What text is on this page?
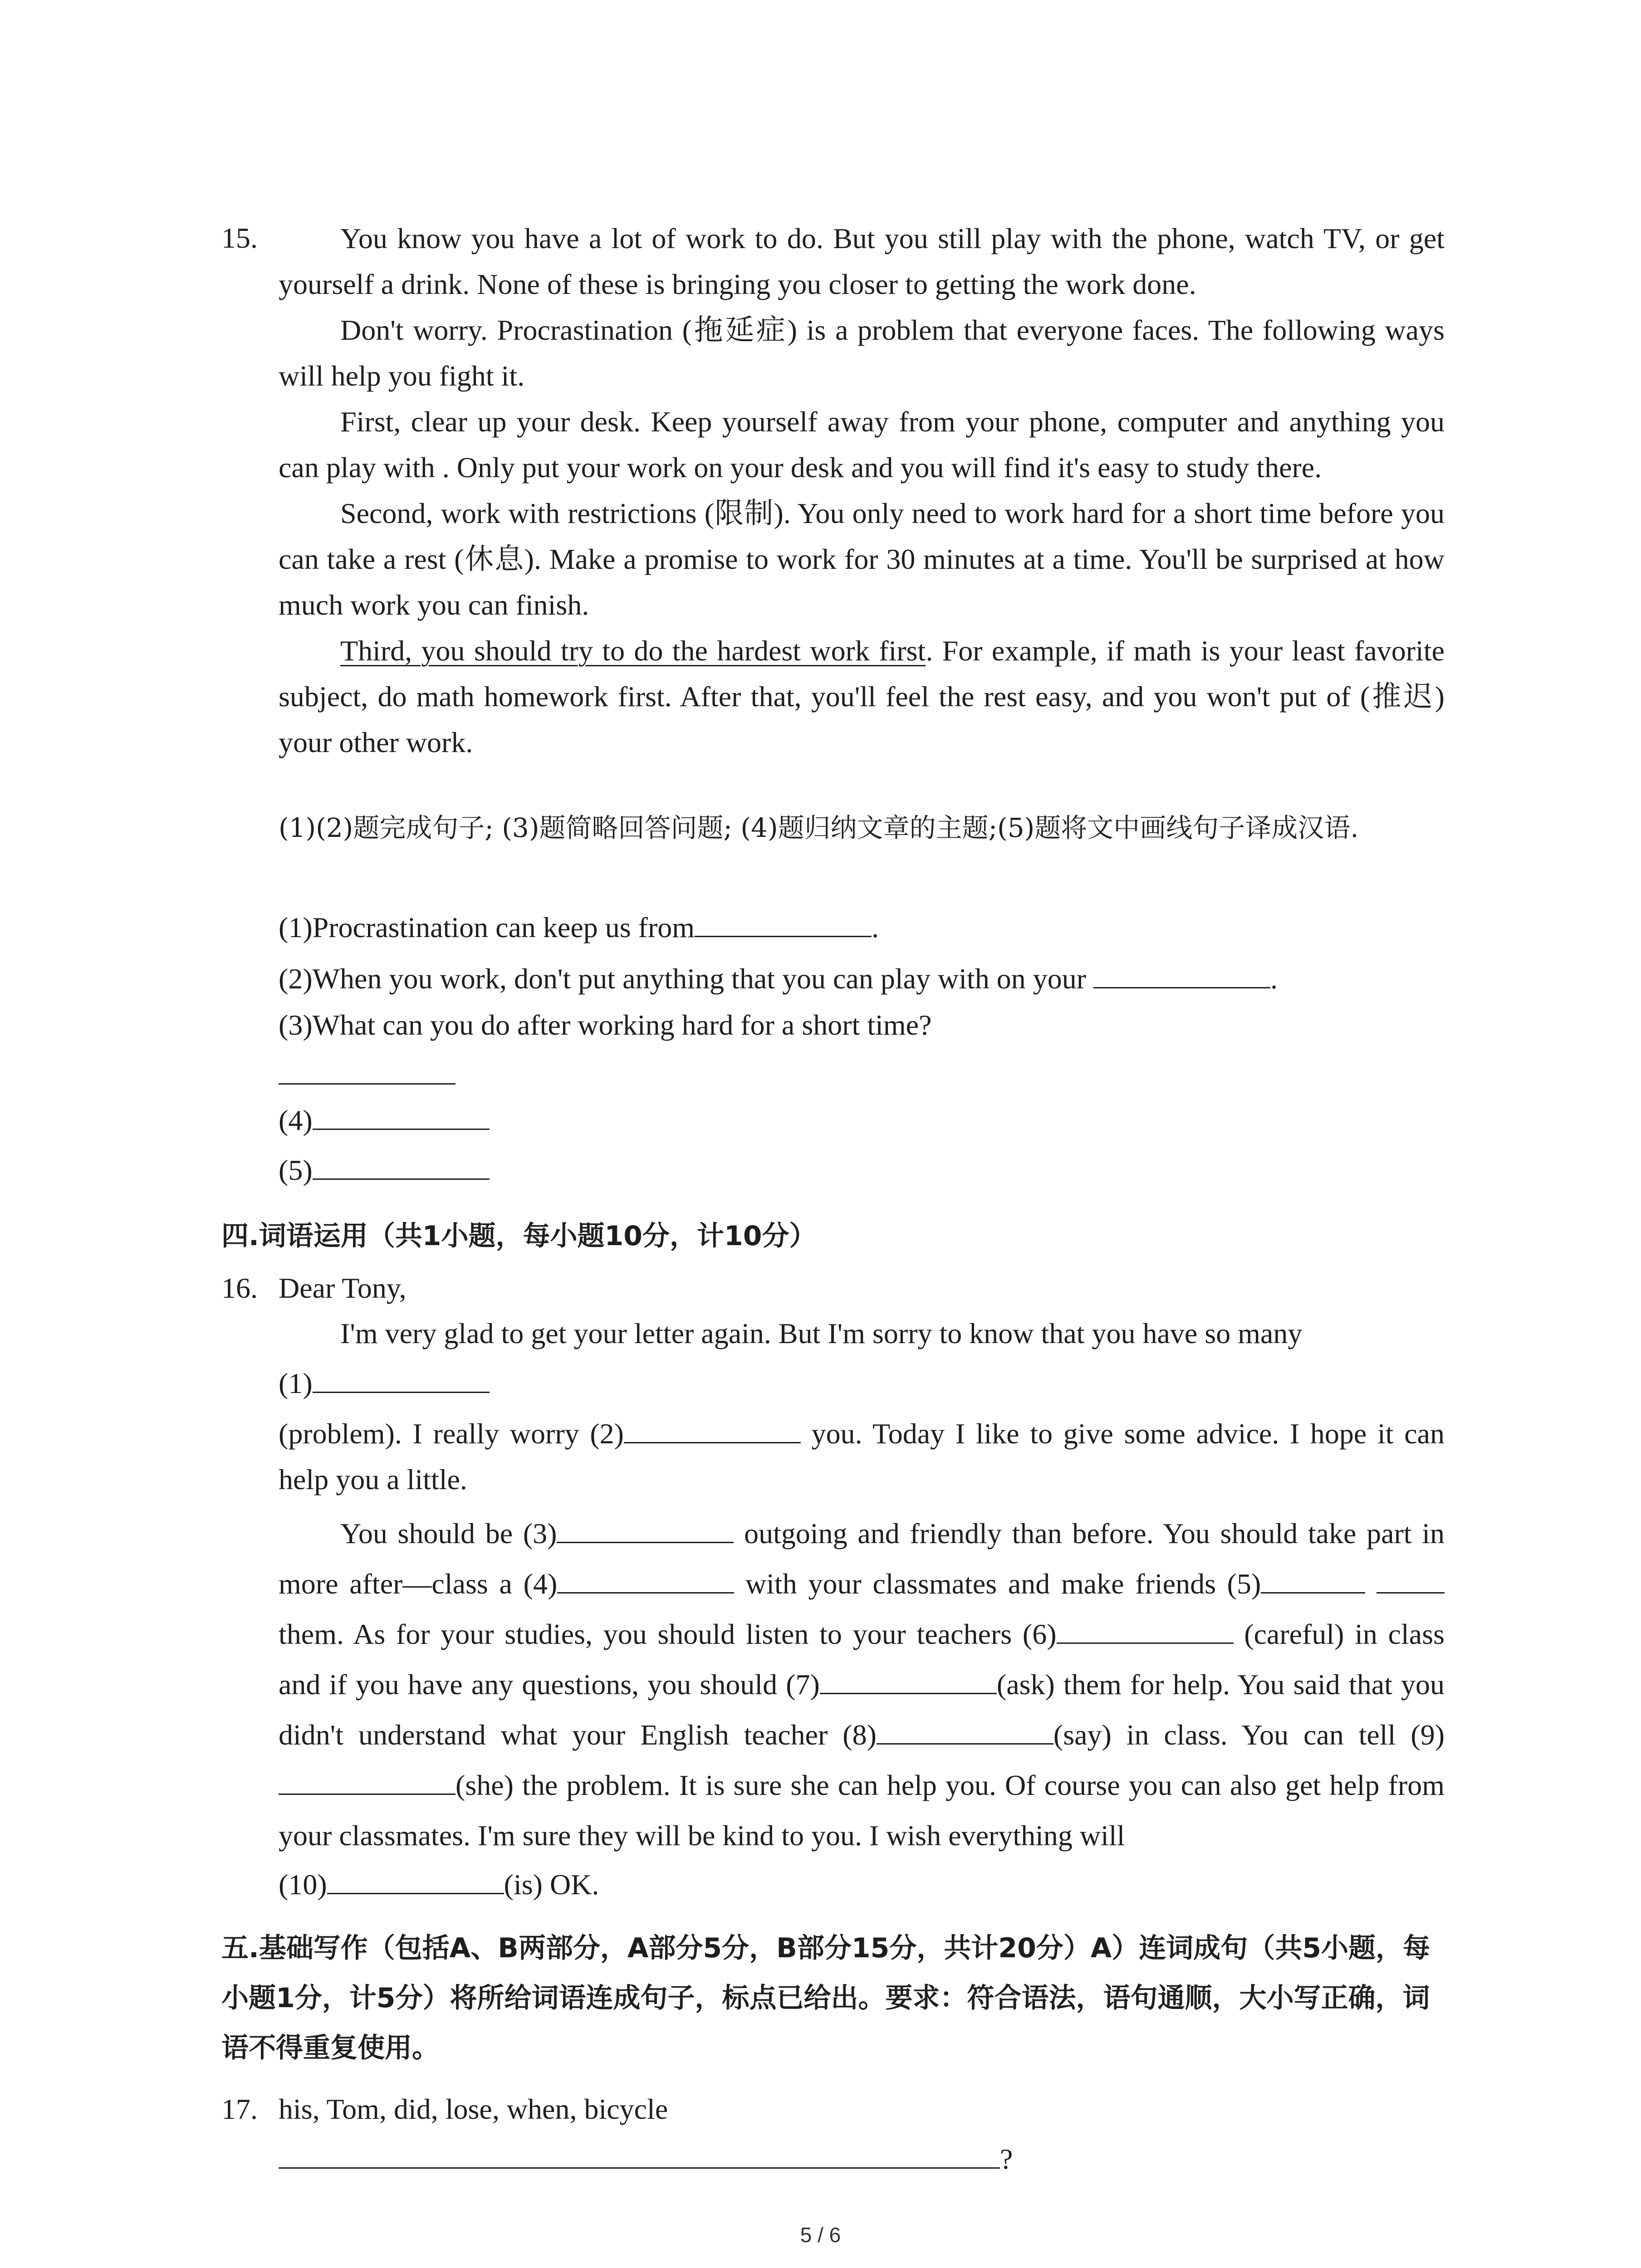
15.	You know you have a lot of work to do. But you still play with the phone, watch TV, or get yourself a drink. None of these is bringing you closer to getting the work done.
Don't worry. Procrastination (拖延症) is a problem that everyone faces. The following ways will help you fight it.
First, clear up your desk. Keep yourself away from your phone, computer and anything you can play with . Only put your work on your desk and you will find it's easy to study there.
Second, work with restrictions (限制). You only need to work hard for a short time before you can take a rest (休息). Make a promise to work for 30 minutes at a time. You'll be surprised at how much work you can finish.
Third, you should try to do the hardest work first. For example, if math is your least favorite subject, do math homework first. After that, you'll feel the rest easy, and you won't put of (推迟) your other work.
(1)(2)题完成句子; (3)题简略回答问题; (4)题归纳文章的主题;(5)题将文中画线句子译成汉语.
(1)Procrastination can keep us from	.
(2)When you work, don't put anything that you can play with on your	.
(3)What can you do after working hard for a short time?
(4)
(5)
四.词语运用（共1小题，每小题10分，计10分）
16. Dear Tony,
I'm very glad to get your letter again. But I'm sorry to know that you have so many
(1)
(problem). I really worry (2)	you. Today I like to give some advice. I hope it can help you a little.
You should be (3)	outgoing and friendly than before. You should take part in more after—class a (4)	with your classmates and make friends (5)  them. As for your studies, you should listen to your teachers (6)	(careful) in class and if you have any questions, you should (7)	(ask) them for help. You said that you didn't understand what your English teacher (8)	(say) in class. You can tell (9)(she) the problem. It is sure she can help you. Of course you can also get help from your classmates. I'm sure they will be kind to you. I wish everything will
(10)	(is) OK.
五.基础写作（包括A、B两部分，A部分5分，B部分15分，共计20分）A）连词成句（共5小题，每小题1分，计5分）将所给词语连成句子，标点已给出。要求：符合语法，语句通顺，大小写正确，词语不得重复使用。
17. his, Tom, did, lose, when, bicycle
?
5 / 6
